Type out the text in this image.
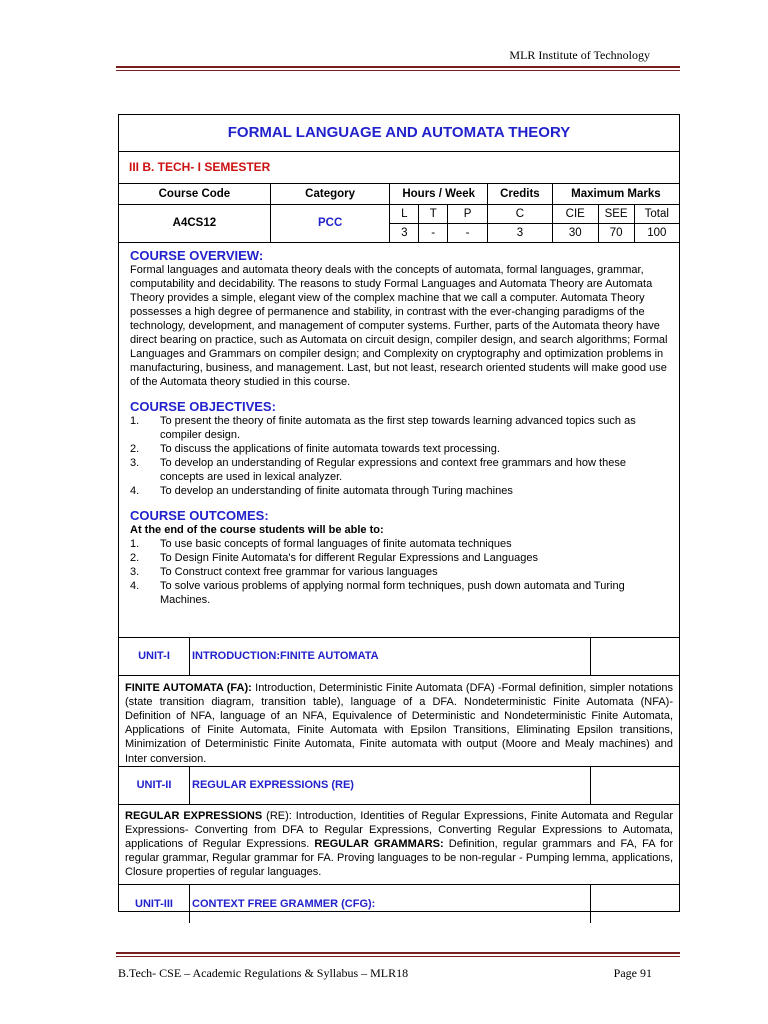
MLR Institute of Technology
FORMAL LANGUAGE AND AUTOMATA THEORY
III B. TECH- I SEMESTER
Course Code	Category	Hours / Week			Credits	Maximum Marks		
A4CS12	PCC	L	T	P	C	CIE	SEE	Total
		3	-	-	3	30	70	100

COURSE OVERVIEW:

Formal languages and automata theory deals with the concepts of automata, formal languages, grammar, computability and decidability. The reasons to study Formal Languages and Automata Theory are Automata Theory provides a simple, elegant view of the complex machine that we call a computer. Automata Theory possesses a high degree of permanence and stability, in contrast with the ever-changing paradigms of the technology, development, and management of computer systems. Further, parts of the Automata theory have direct bearing on practice, such as Automata on circuit design, compiler design, and search algorithms; Formal Languages and Grammars on compiler design; and Complexity on cryptography and optimization problems in manufacturing, business, and management. Last, but not least, research oriented students will make good use of the Automata theory studied in this course.

COURSE OBJECTIVES:

1. To present the theory of finite automata as the first step towards learning advanced topics such as compiler design.
2. To discuss the applications of finite automata towards text processing.
3. To develop an understanding of Regular expressions and context free grammars and how these concepts are used in lexical analyzer.
4. To develop an understanding of finite automata through Turing machines

COURSE OUTCOMES:

At the end of the course students will be able to:

1. To use basic concepts of formal languages of finite automata techniques
2. To Design Finite Automata's for different Regular Expressions and Languages
3. To Construct context free grammar for various languages
4. To solve various problems of applying normal form techniques, push down automata and Turing Machines.
UNIT-I	INTRODUCTION:FINITE AUTOMATA
FINITE AUTOMATA (FA): Introduction, Deterministic Finite Automata (DFA) -Formal definition, simpler notations (state transition diagram, transition table), language of a DFA. Nondeterministic Finite Automata (NFA)- Definition of NFA, language of an NFA, Equivalence of Deterministic and Nondeterministic Finite Automata, Applications of Finite Automata, Finite Automata with Epsilon Transitions, Eliminating Epsilon transitions, Minimization of Deterministic Finite Automata, Finite automata with output (Moore and Mealy machines) and Inter conversion.
UNIT-II	REGULAR EXPRESSIONS (RE)
REGULAR EXPRESSIONS (RE): Introduction, Identities of Regular Expressions, Finite Automata and Regular Expressions- Converting from DFA to Regular Expressions, Converting Regular Expressions to Automata, applications of Regular Expressions. REGULAR GRAMMARS: Definition, regular grammars and FA, FA for regular grammar, Regular grammar for FA. Proving languages to be non-regular - Pumping lemma, applications, Closure properties of regular languages.
UNIT-III	CONTEXT FREE GRAMMER (CFG):
B.Tech- CSE – Academic Regulations & Syllabus – MLR18	Page 91
